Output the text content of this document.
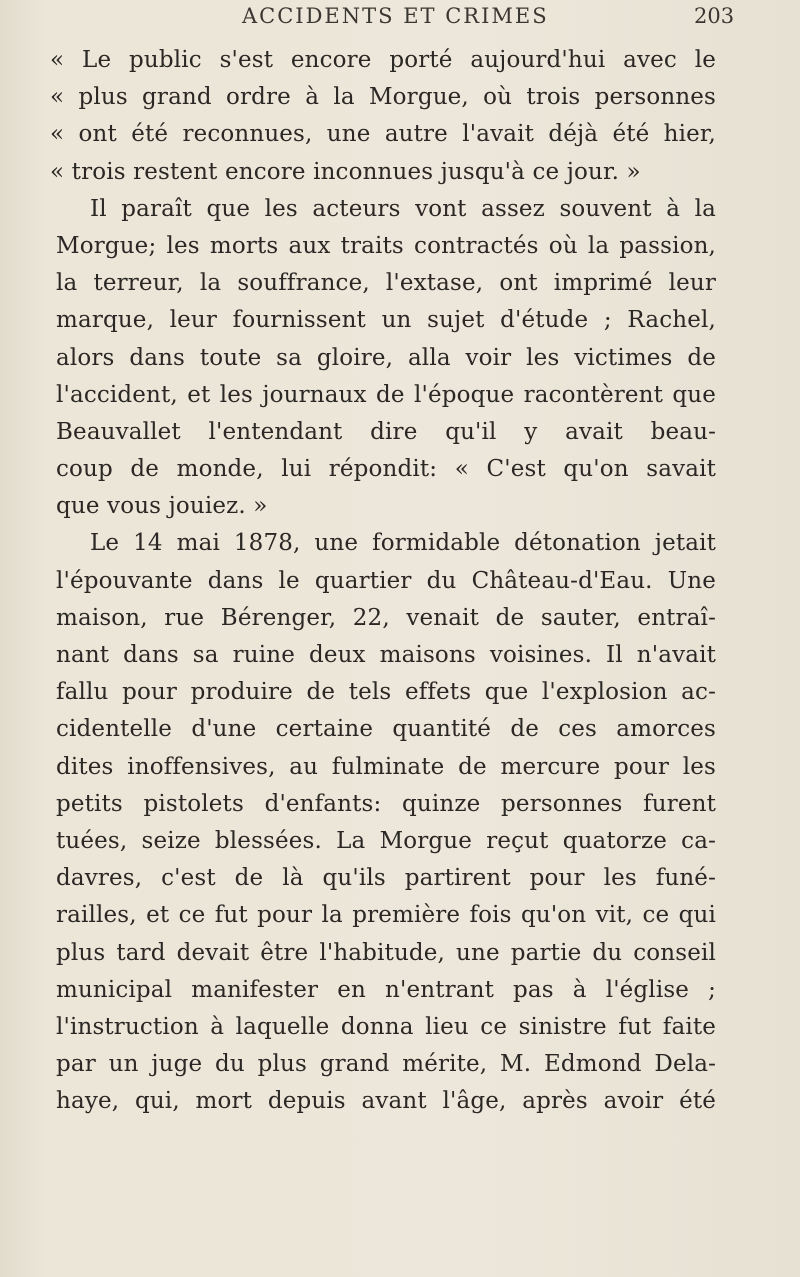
ACCIDENTS ET CRIMES	203
« Le public s'est encore porté aujourd'hui avec le
« plus grand ordre à la Morgue, où trois personnes
« ont été reconnues, une autre l'avait déjà été hier,
« trois restent encore inconnues jusqu'à ce jour. »
Il paraît que les acteurs vont assez souvent à la
Morgue; les morts aux traits contractés où la passion,
la terreur, la souffrance, l'extase, ont imprimé leur
marque, leur fournissent un sujet d'étude ; Rachel,
alors dans toute sa gloire, alla voir les victimes de
l'accident, et les journaux de l'époque racontèrent que
Beauvallet l'entendant dire qu'il y avait beau-
coup de monde, lui répondit: « C'est qu'on savait
que vous jouiez. »
Le 14 mai 1878, une formidable détonation jetait
l'épouvante dans le quartier du Château-d'Eau. Une
maison, rue Bérenger, 22, venait de sauter, entraî-
nant dans sa ruine deux maisons voisines. Il n'avait
fallu pour produire de tels effets que l'explosion ac-
cidentelle d'une certaine quantité de ces amorces
dites inoffensives, au fulminate de mercure pour les
petits pistolets d'enfants: quinze personnes furent
tuées, seize blessées. La Morgue reçut quatorze ca-
davres, c'est de là qu'ils partirent pour les funé-
railles, et ce fut pour la première fois qu'on vit, ce qui
plus tard devait être l'habitude, une partie du conseil
municipal manifester en n'entrant pas à l'église ;
l'instruction à laquelle donna lieu ce sinistre fut faite
par un juge du plus grand mérite, M. Edmond Dela-
haye, qui, mort depuis avant l'âge, après avoir été
